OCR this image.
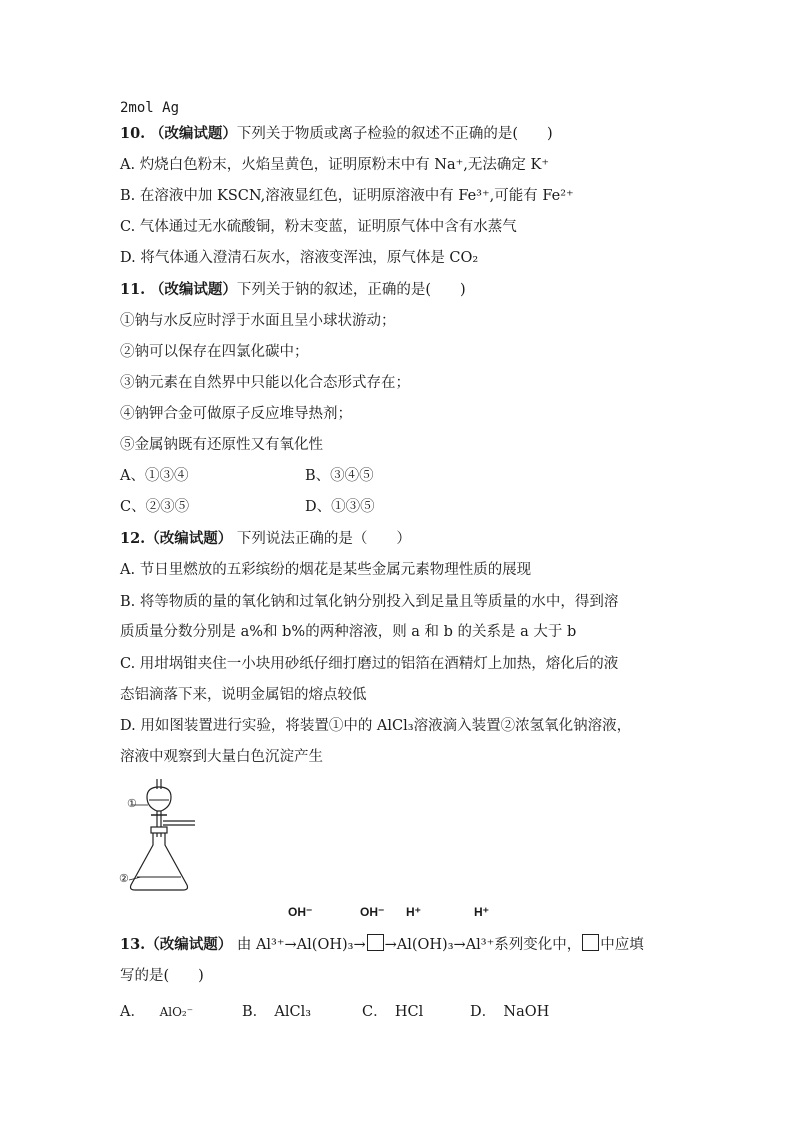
2mol Ag
10. （改编试题）下列关于物质或离子检验的叙述不正确的是(　　)
A. 灼烧白色粉末，火焰呈黄色，证明原粉末中有 Na⁺,无法确定 K⁺
B. 在溶液中加 KSCN,溶液显红色，证明原溶液中有 Fe³⁺,可能有 Fe²⁺
C. 气体通过无水硫酸铜，粉末变蓝，证明原气体中含有水蒸气
D. 将气体通入澄清石灰水，溶液变浑浊，原气体是 CO₂
11. （改编试题）下列关于钠的叙述，正确的是(　　)
①钠与水反应时浮于水面且呈小球状游动；
②钠可以保存在四氯化碳中；
③钠元素在自然界中只能以化合态形式存在；
④钠钾合金可做原子反应堆导热剂；
⑤金属钠既有还原性又有氧化性
A、①③④	B、③④⑤
C、②③⑤	D、①③⑤
12.（改编试题） 下列说法正确的是（　　）
A. 节日里燃放的五彩缤纷的烟花是某些金属元素物理性质的展现
B. 将等物质的量的氧化钠和过氧化钠分别投入到足量且等质量的水中，得到溶
质质量分数分别是 a%和 b%的两种溶液，则 a 和 b 的关系是 a 大于 b
C. 用坩埚钳夹住一小块用砂纸仔细打磨过的铝箔在酒精灯上加热，熔化后的液
态铝滴落下来，说明金属铝的熔点较低
D. 用如图装置进行实验，将装置①中的 AlCl₃溶液滴入装置②浓氢氧化钠溶液，
溶液中观察到大量白色沉淀产生
①
②
OH⁻	OH⁻ H⁺	H⁺
13.（改编试题） 由 Al³⁺→Al(OH)₃→ →Al(OH)₃→Al³⁺系列变化中， 中应填
写的是(　　)
A． AlO₂⁻	B．　AlCl₃	C．　HCl	D．　NaOH
